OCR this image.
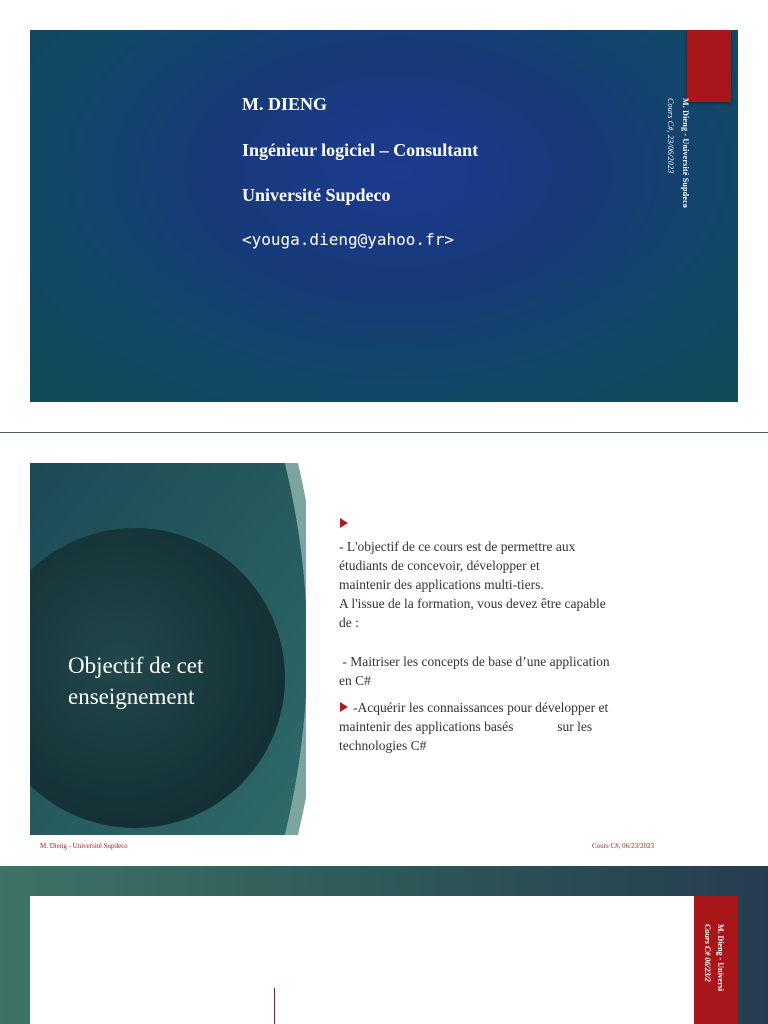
M. DIENG

Ingénieur logiciel – Consultant

Université Supdeco

<youga.dieng@yahoo.fr>
M. Dieng - Université Supdeco
Cours C#, 23/06/2023
Objectif de cet
enseignement

- L'objectif de ce cours est de permettre aux
étudiants de concevoir, développer et
maintenir des applications multi-tiers.
A l'issue de la formation, vous devez être capable
de :

- Maitriser les concepts de base d’une application
en C#

-Acquérir les connaissances pour développer et
maintenir des applications basés             sur les
technologies C#

M. Dieng - Université Supdeco	Cours C#, 06/23/2023
M. Dieng - Universi
Cours C# 06/23/2
